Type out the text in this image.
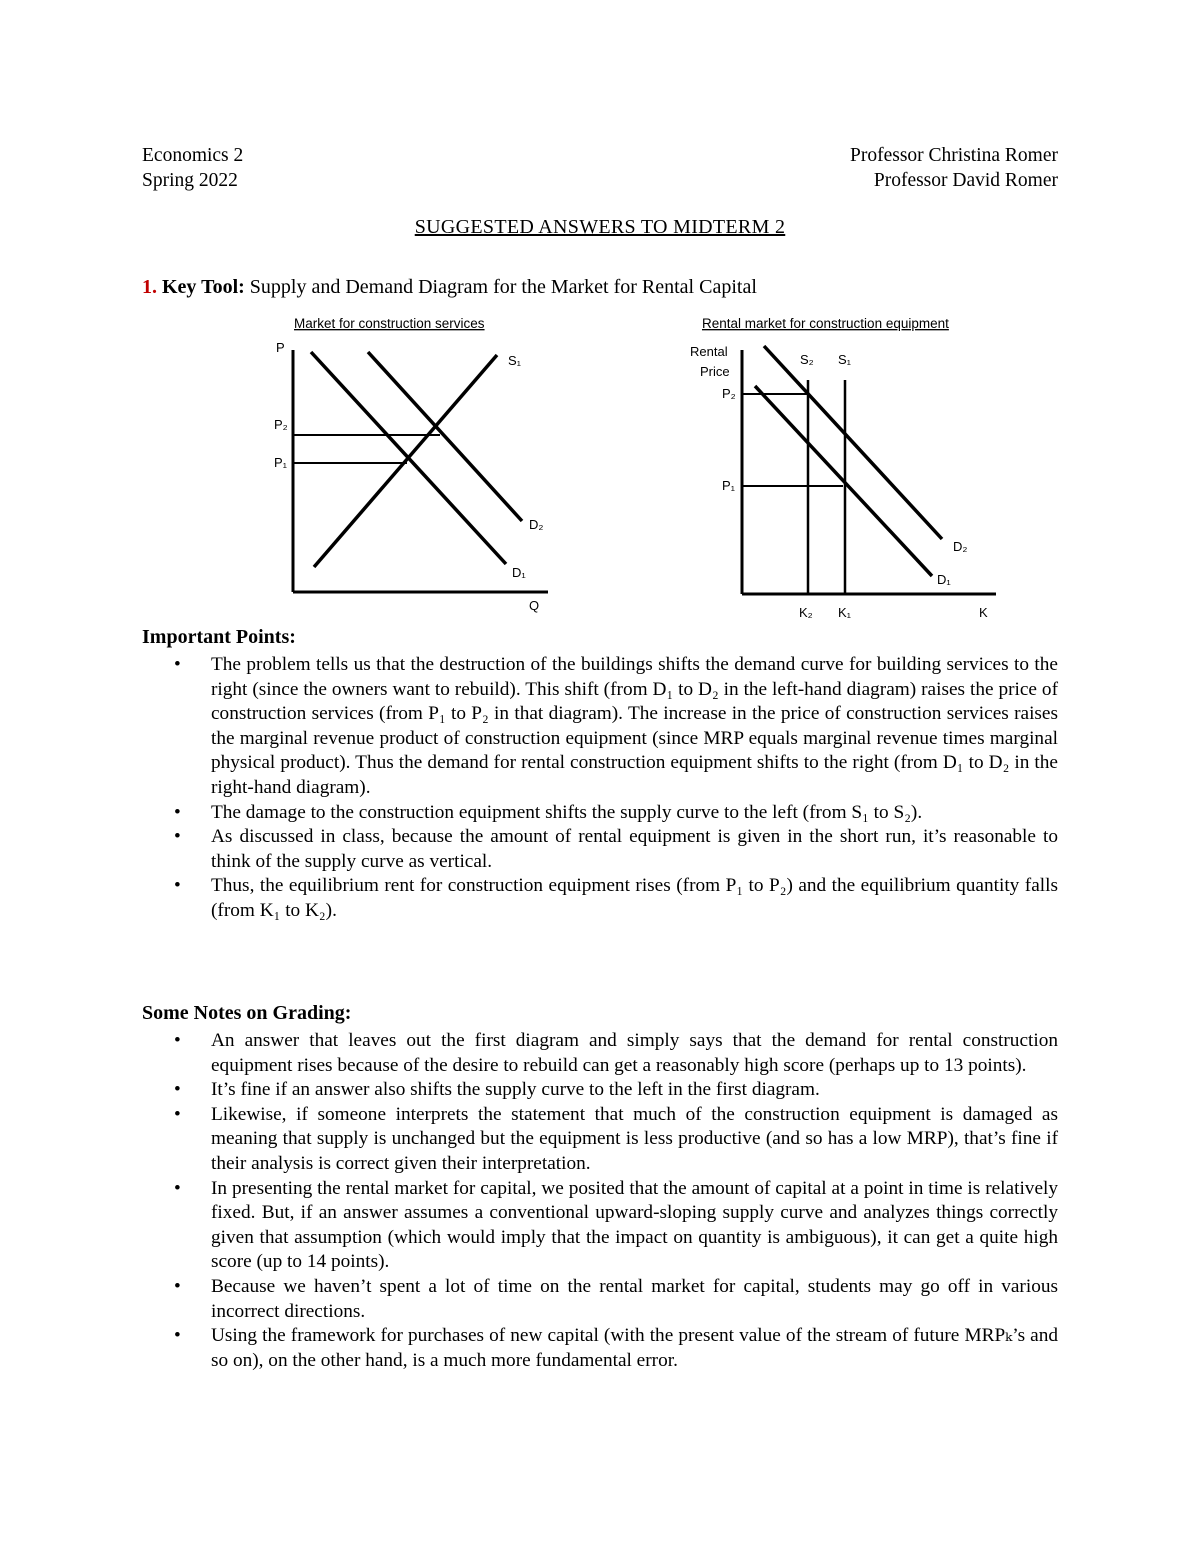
Economics 2
Spring 2022
Professor Christina Romer
Professor David Romer
SUGGESTED ANSWERS TO MIDTERM 2
1. Key Tool: Supply and Demand Diagram for the Market for Rental Capital
Market for construction services
P
P₂
P₁
S₁
D₂
D₁
Q
Rental market for construction equipment
Rental
Price
P₂
P₁
S₂ S₁
D₂
D₁
K₂ K₁	K
Important Points:
• The problem tells us that the destruction of the buildings shifts the demand curve for building services to the right (since the owners want to rebuild). This shift (from D₁ to D₂ in the left-hand diagram) raises the price of construction services (from P₁ to P₂ in that diagram). The increase in the price of construction services raises the marginal revenue product of construction equipment (since MRP equals marginal revenue times marginal physical product). Thus the demand for rental construction equipment shifts to the right (from D₁ to D₂ in the right-hand diagram).
• The damage to the construction equipment shifts the supply curve to the left (from S₁ to S₂).
• As discussed in class, because the amount of rental equipment is given in the short run, it’s reasonable to think of the supply curve as vertical.
• Thus, the equilibrium rent for construction equipment rises (from P₁ to P₂) and the equilibrium quantity falls (from K₁ to K₂).
Some Notes on Grading:
• An answer that leaves out the first diagram and simply says that the demand for rental construction equipment rises because of the desire to rebuild can get a reasonably high score (perhaps up to 13 points).
• It’s fine if an answer also shifts the supply curve to the left in the first diagram.
• Likewise, if someone interprets the statement that much of the construction equipment is damaged as meaning that supply is unchanged but the equipment is less productive (and so has a low MRP), that’s fine if their analysis is correct given their interpretation.
• In presenting the rental market for capital, we posited that the amount of capital at a point in time is relatively fixed. But, if an answer assumes a conventional upward-sloping supply curve and analyzes things correctly given that assumption (which would imply that the impact on quantity is ambiguous), it can get a quite high score (up to 14 points).
• Because we haven’t spent a lot of time on the rental market for capital, students may go off in various incorrect directions.
• Using the framework for purchases of new capital (with the present value of the stream of future MRPₖ’s and so on), on the other hand, is a much more fundamental error.
